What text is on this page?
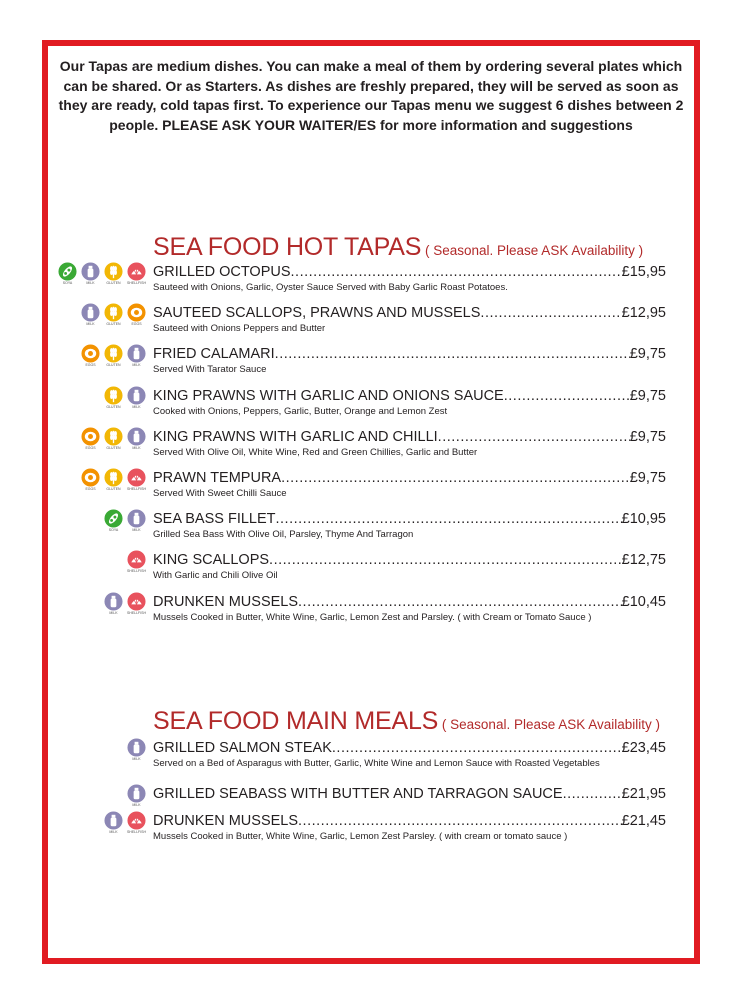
Our Tapas are medium dishes. You can make a meal of them by ordering several plates which can be shared. Or as Starters. As dishes are freshly prepared, they will be served as soon as they are ready, cold tapas first. To experience our Tapas menu we suggest 6 dishes between 2 people. PLEASE ASK YOUR WAITER/ES for more information and suggestions
SEA FOOD HOT TAPAS ( Seasonal. Please ASK Availability )
SEA FOOD MAIN MEALS ( Seasonal. Please ASK Availability )
SOYA	MILK	GLUTEN SHELLFISH
GRILLED OCTOPUS .....	£15,95
Sauteed with Onions, Garlic, Oyster Sauce Served with Baby Garlic Roast Potatoes.
MILK	GLUTEN	EGGS
SAUTEED SCALLOPS, PRAWNS AND MUSSELS .....	£12,95
Sauteed with Onions Peppers and Butter
EGGS	GLUTEN	MILK
FRIED CALAMARI .....	£9,75
Served With Tarator Sauce
GLUTEN	MILK
KING PRAWNS WITH GARLIC AND ONIONS SAUCE .....	£9,75
Cooked with Onions, Peppers, Garlic, Butter, Orange and Lemon Zest
EGGS	GLUTEN	MILK
KING PRAWNS WITH GARLIC AND CHILLI .....	£9,75
Served With Olive Oil, White Wine, Red and Green Chillies, Garlic and Butter
EGGS	GLUTEN SHELLFISH
PRAWN TEMPURA .....	£9,75
Served With Sweet Chilli Sauce
SOYA	MILK
SEA BASS FILLET .....	£10,95
Grilled Sea Bass With Olive Oil, Parsley, Thyme And Tarragon
SHELLFISH
KING SCALLOPS .....	£12,75
With Garlic and Chili Olive Oil
MILK	SHELLFISH
DRUNKEN MUSSELS .....	£10,45
Mussels Cooked in Butter, White Wine, Garlic, Lemon Zest and Parsley. ( with Cream or Tomato Sauce )
MILK
GRILLED SALMON STEAK .....	£23,45
Served on a Bed of Asparagus with Butter, Garlic, White Wine and Lemon Sauce with Roasted Vegetables
MILK
GRILLED SEABASS WITH BUTTER AND TARRAGON SAUCE .....	£21,95
MILK	SHELLFISH
DRUNKEN MUSSELS .....	£21,45
Mussels Cooked in Butter, White Wine, Garlic, Lemon Zest Parsley. ( with cream or tomato sauce )
